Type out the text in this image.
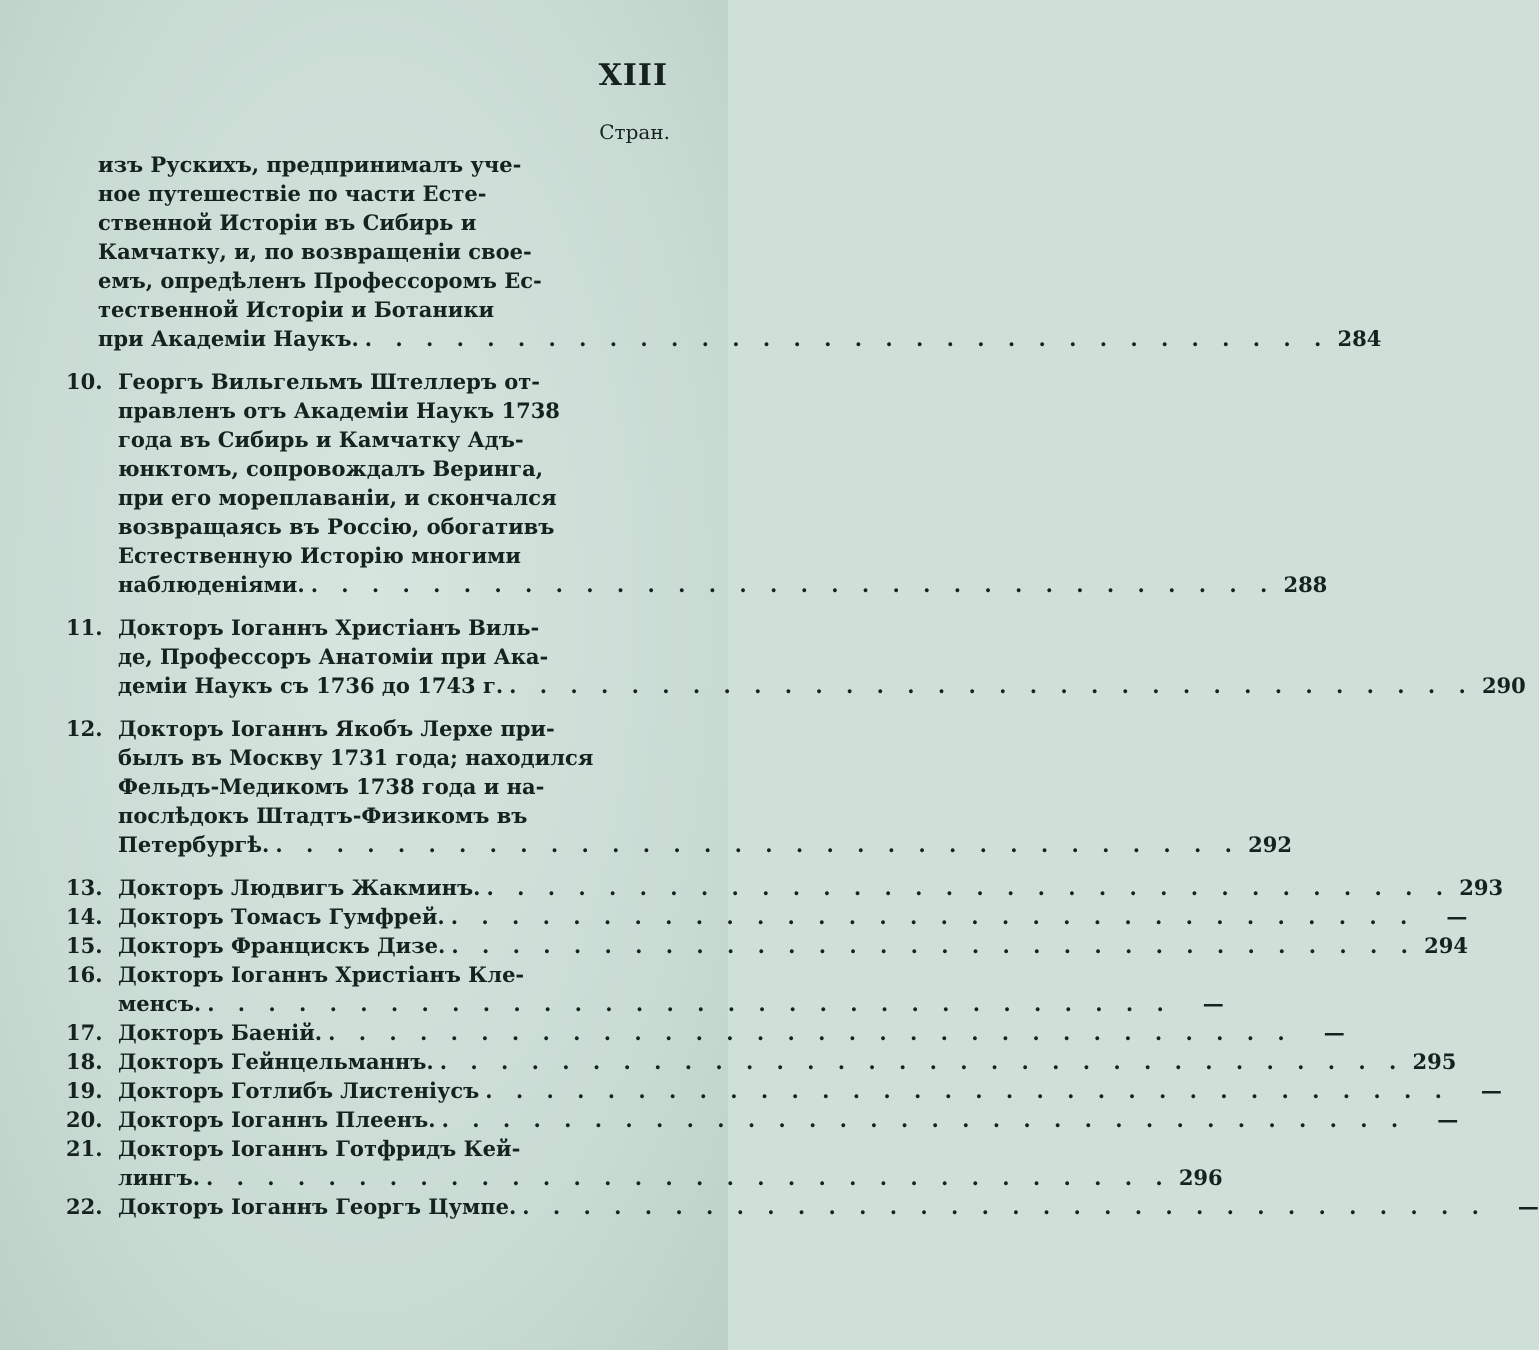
XIII
Стран.
изъ Рускихъ, предпринималъ уче-
ное путешествіе по части Есте-
ственной Исторіи въ Сибирь и
Камчатку, и, по возвращеніи свое-
емъ, опредѣленъ Профессоромъ Ес-
тественной Исторіи и Ботаники
при Академіи Наукъ. . . .	284
10. Георгъ Вильгельмъ Штеллеръ от-
правленъ отъ Академіи Наукъ 1738
года въ Сибирь и Камчатку Адъ-
юнктомъ, сопровождалъ Веринга,
при его мореплаваніи, и скончался
возвращаясь въ Россію, обогативъ
Естественную Исторію многими
наблюденіями. . . .	288
11. Докторъ Іоганнъ Христіанъ Виль-
де, Профессоръ Анатоміи при Ака-
деміи Наукъ съ 1736 до 1743 г. . . .	290
12. Докторъ Іоганнъ Якобъ Лерхе при-
былъ въ Москву 1731 года; находился
Фельдъ-Медикомъ 1738 года и на-
послѣдокъ Штадтъ-Физикомъ въ
Петербургѣ. . . .	292
13. Докторъ Людвигъ Жакминъ. . . .	293
14. Докторъ Томасъ Гумфрей. . . .	—
15. Докторъ Францискъ Дизе. . . .	294
16. Докторъ Іоганнъ Христіанъ Кле-
менсъ. . . .	—
17. Докторъ Баеній. . . .	—
18. Докторъ Гейнцельманнъ. . . .	295
19. Докторъ Готлибъ Листеніусъ . . .	—
20. Докторъ Іоганнъ Плеенъ. . . .	—
21. Докторъ Іоганнъ Готфридъ Кей-
лингъ. . . .	296
22. Докторъ Іоганнъ Георгъ Цумпе. . . .	—
